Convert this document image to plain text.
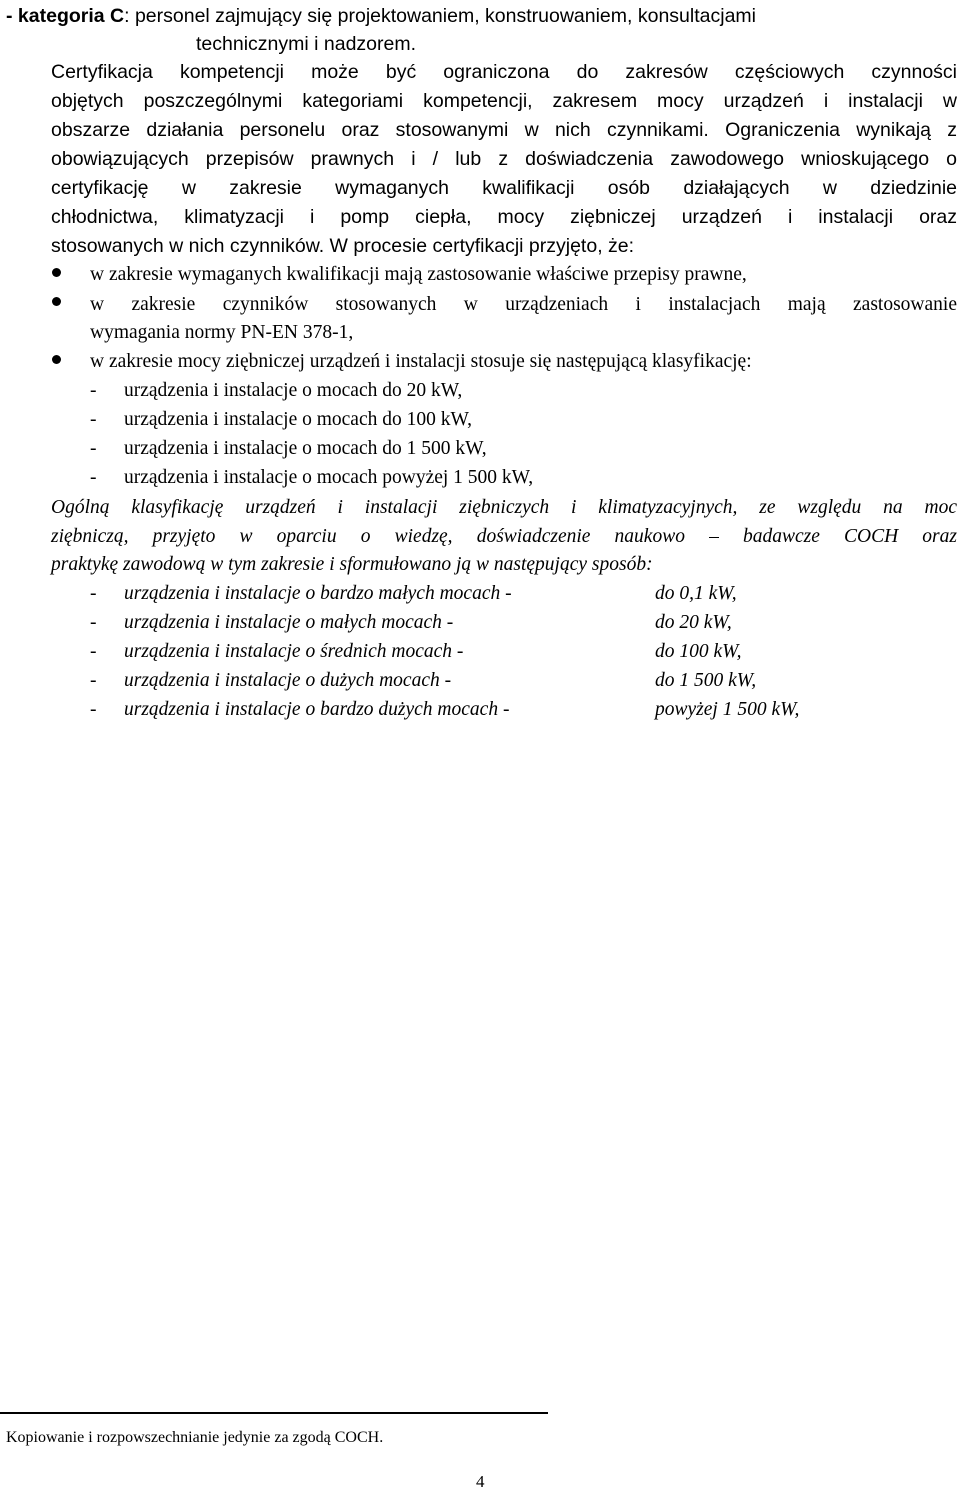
- kategoria C: personel zajmujący się projektowaniem, konstruowaniem, konsultacjami
technicznymi i nadzorem.
Certyfikacja kompetencji może być ograniczona do zakresów częściowych czynności
objętych poszczególnymi kategoriami kompetencji, zakresem mocy urządzeń i instalacji w
obszarze działania personelu oraz stosowanymi w nich czynnikami. Ograniczenia wynikają z
obowiązujących przepisów prawnych i / lub z doświadczenia zawodowego wnioskującego o
certyfikację w zakresie wymaganych kwalifikacji osób działających w dziedzinie
chłodnictwa, klimatyzacji i pomp ciepła, mocy ziębniczej urządzeń i instalacji oraz
stosowanych w nich czynników. W procesie certyfikacji przyjęto, że:
w zakresie wymaganych kwalifikacji mają zastosowanie właściwe przepisy prawne,
w zakresie czynników stosowanych w urządzeniach i instalacjach mają zastosowanie
wymagania normy PN-EN 378-1,
w zakresie mocy ziębniczej urządzeń i instalacji stosuje się następującą klasyfikację:
- urządzenia i instalacje o mocach do 20 kW,
- urządzenia i instalacje o mocach do 100 kW,
- urządzenia i instalacje o mocach do 1 500 kW,
- urządzenia i instalacje o mocach powyżej 1 500 kW,
Ogólną klasyfikację urządzeń i instalacji ziębniczych i klimatyzacyjnych, ze względu na moc
ziębniczą, przyjęto w oparciu o wiedzę, doświadczenie naukowo – badawcze COCH oraz
praktykę zawodową w tym zakresie i sformułowano ją w następujący sposób:
- urządzenia i instalacje o bardzo małych mocach -	do 0,1 kW,
- urządzenia i instalacje o małych mocach -	do 20 kW,
- urządzenia i instalacje o średnich mocach -	do 100 kW,
- urządzenia i instalacje o dużych mocach -	do 1 500 kW,
- urządzenia i instalacje o bardzo dużych mocach -	powyżej 1 500 kW,
Kopiowanie i rozpowszechnianie jedynie za zgodą COCH.
4
